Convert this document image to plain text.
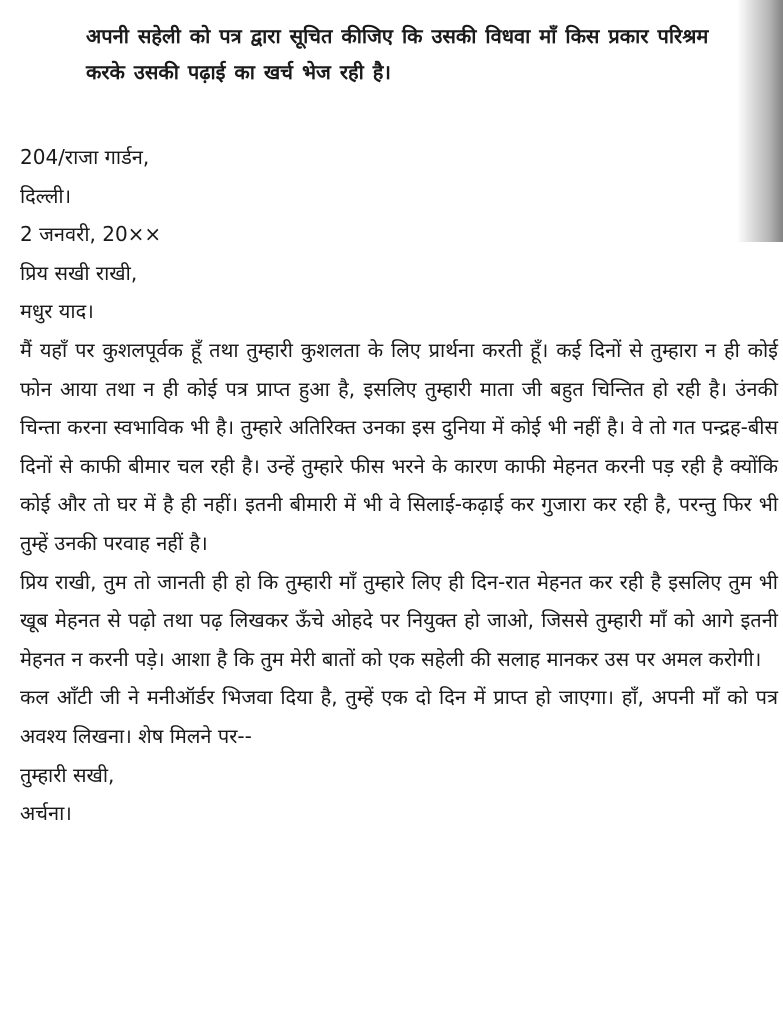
अपनी सहेली को पत्र द्वारा सूचित कीजिए कि उसकी विधवा माँ किस प्रकार परिश्रम करके उसकी पढ़ाई का खर्च भेज रही है।
204/राजा गार्डन,
दिल्ली।
2 जनवरी, 20××
प्रिय सखी राखी,
मधुर याद।
मैं यहाँ पर कुशलपूर्वक हूँ तथा तुम्हारी कुशलता के लिए प्रार्थना करती हूँ। कई दिनों से तुम्हारा न ही कोई फोन आया तथा न ही कोई पत्र प्राप्त हुआ है, इसलिए तुम्हारी माता जी बहुत चिन्तित हो रही है। उंनकी चिन्ता करना स्वभाविक भी है। तुम्हारे अतिरिक्त उनका इस दुनिया में कोई भी नहीं है। वे तो गत पन्द्रह-बीस दिनों से काफी बीमार चल रही है। उन्हें तुम्हारे फीस भरने के कारण काफी मेहनत करनी पड़ रही है क्योंकि कोई और तो घर में है ही नहीं। इतनी बीमारी में भी वे सिलाई-कढ़ाई कर गुजारा कर रही है, परन्तु फिर भी तुम्हें उनकी परवाह नहीं है।
प्रिय राखी, तुम तो जानती ही हो कि तुम्हारी माँ तुम्हारे लिए ही दिन-रात मेहनत कर रही है इसलिए तुम भी खूब मेहनत से पढ़ो तथा पढ़ लिखकर ऊँचे ओहदे पर नियुक्त हो जाओ, जिससे तुम्हारी माँ को आगे इतनी मेहनत न करनी पड़े। आशा है कि तुम मेरी बातों को एक सहेली की सलाह मानकर उस पर अमल करोगी।
कल आँटी जी ने मनीऑर्डर भिजवा दिया है, तुम्हें एक दो दिन में प्राप्त हो जाएगा। हाँ, अपनी माँ को पत्र अवश्य लिखना। शेष मिलने पर--
तुम्हारी सखी,
अर्चना।
